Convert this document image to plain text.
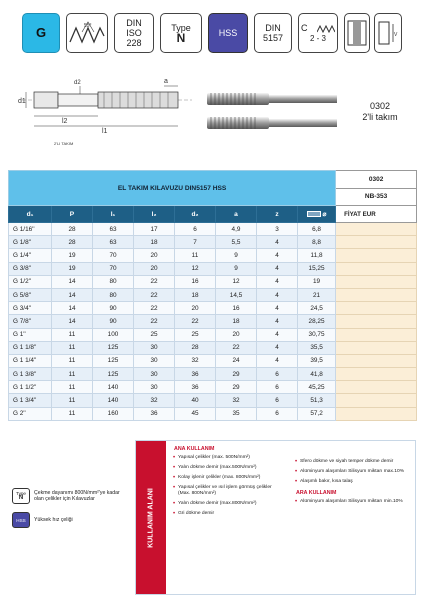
G	55°	DIN
ISO
228
Type
N	HSS	DIN
5157
C
2 - 3	V
d1
d2	a
l2
l1
2'LI TAKIM
0302
2'li takım
EL TAKIM KILAVUZU DIN5157 HSS								0302
								NB-353
d₁	P	l₁	l₂	d₂	a	z	⌀	FİYAT EUR
G 1/16''	28	63	17	6	4,9	3	6,8	
G 1/8''	28	63	18	7	5,5	4	8,8	
G 1/4''	19	70	20	11	9	4	11,8	
G 3/8''	19	70	20	12	9	4	15,25	
G 1/2''	14	80	22	16	12	4	19	
G 5/8''	14	80	22	18	14,5	4	21	
G 3/4''	14	90	22	20	16	4	24,5	
G 7/8''	14	90	22	22	18	4	28,25	
G 1''	11	100	25	25	20	4	30,75	
G 1 1/8''	11	125	30	28	22	4	35,5	
G 1 1/4''	11	125	30	32	24	4	39,5	
G 1 3/8''	11	125	30	36	29	6	41,8	
G 1 1/2''	11	140	30	36	29	6	45,25	
G 1 3/4''	11	140	32	40	32	6	51,3	
G 2''	11	160	36	45	35	6	57,2	
Type
N
Çekme dayanımı 800N/mm²'ye kadar olan çelikler için Kılavuzlar
HSS Yüksek hız çeliği	KULLANIM ALANI
ANA KULLANIM
• Yapısal çelikler (max. 500N/mm²)
• Yalın dökme demir (max.500N/mm²)
• Kolay işlenir çelikler (max. 800N/mm²)
• Yapısal çelikler ve ısıl işlem görmüş çelikler (Max. 800N/mm²)
• Yalın dökme demir (max.800N/mm²)
• Gri dökme demir
• Sfero dökme ve siyah temper dökme demir
• Alüminyum alaşımları Silisyum miktarı max.10%
• Alaşımlı bakır, kısa talaş
ARA KULLANIM
• Alüminyum alaşımları Silisyum miktarı min.10%
